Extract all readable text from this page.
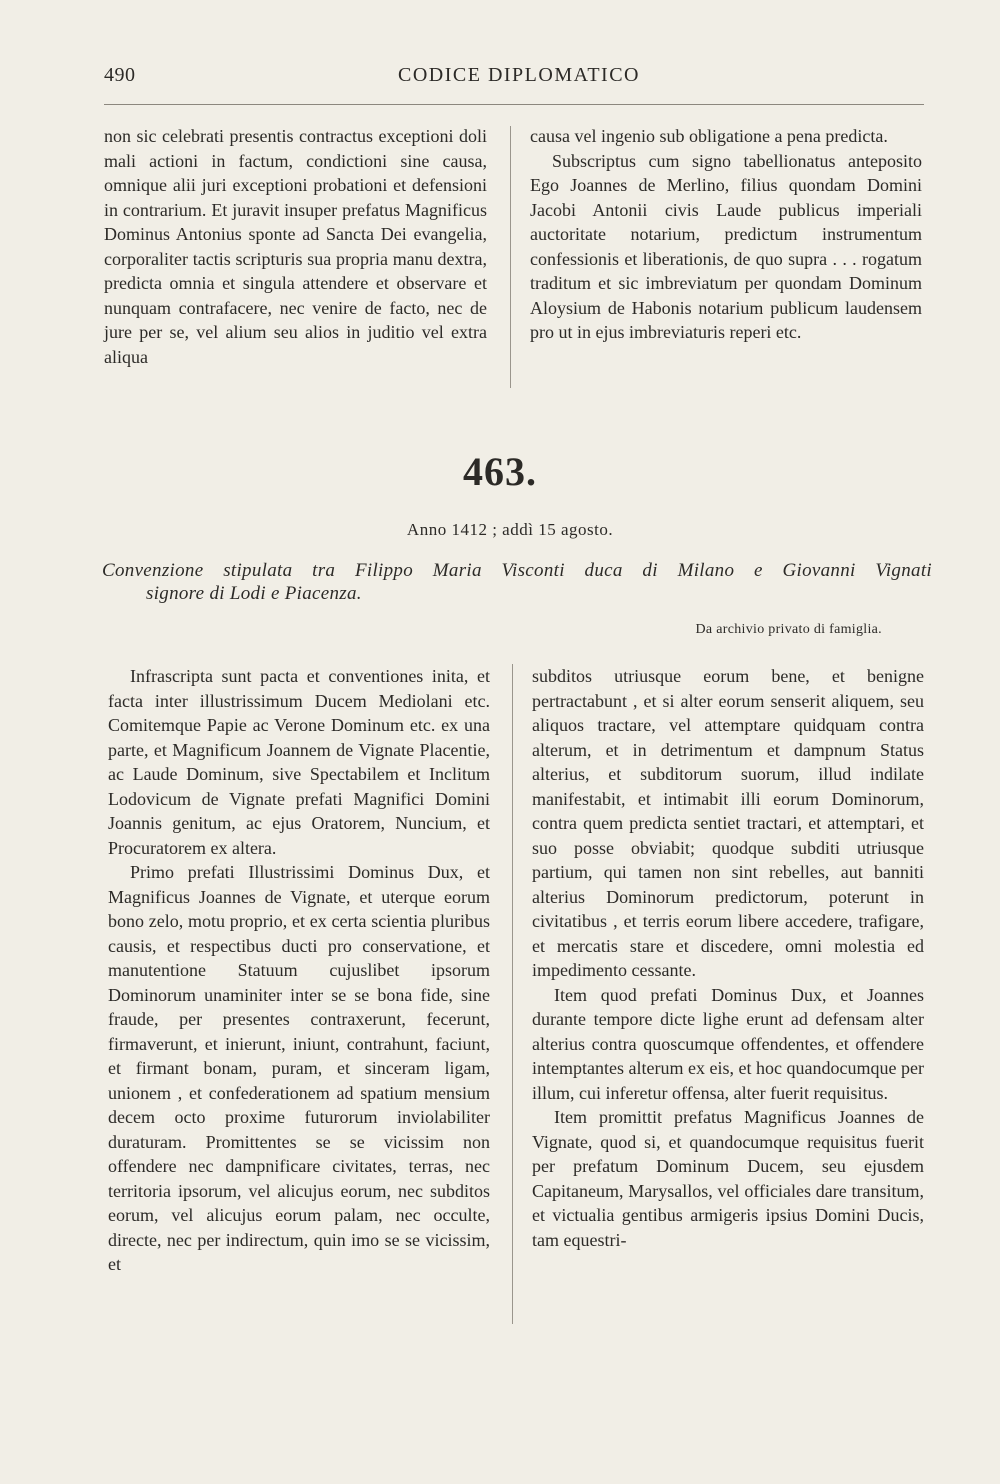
490	CODICE DIPLOMATICO

non sic celebrati presentis contractus exceptioni doli mali actioni in factum, condictioni sine causa, omnique alii juri exceptioni probationi et defensioni in contrarium. Et juravit insuper prefatus Magnificus Dominus Antonius sponte ad Sancta Dei evangelia, corporaliter tactis scripturis sua propria manu dextra, predicta omnia et singula attendere et observare et nunquam contrafacere, nec venire de facto, nec de jure per se, vel alium seu alios in juditio vel extra aliqua

causa vel ingenio sub obligatione a pena predicta.

Subscriptus cum signo tabellionatus anteposito Ego Joannes de Merlino, filius quondam Domini Jacobi Antonii civis Laude publicus imperiali auctoritate notarium, predictum instrumentum confessionis et liberationis, de quo supra . . . rogatum traditum et sic imbreviatum per quondam Dominum Aloysium de Habonis notarium publicum laudensem pro ut in ejus imbreviaturis reperi etc.

463.
Anno 1412 ; addì 15 agosto.
Convenzione stipulata tra Filippo Maria Visconti duca di Milano e Giovanni Vignati
signore di Lodi e Piacenza.
Da archivio privato di famiglia.

Infrascripta sunt pacta et conventiones inita, et facta inter illustrissimum Ducem Mediolani etc. Comitemque Papie ac Verone Dominum etc. ex una parte, et Magnificum Joannem de Vignate Placentie, ac Laude Dominum, sive Spectabilem et Inclitum Lodovicum de Vignate prefati Magnifici Domini Joannis genitum, ac ejus Oratorem, Nuncium, et Procuratorem ex altera.

Primo prefati Illustrissimi Dominus Dux, et Magnificus Joannes de Vignate, et uterque eorum bono zelo, motu proprio, et ex certa scientia pluribus causis, et respectibus ducti pro conservatione, et manutentione Statuum cujuslibet ipsorum Dominorum unaminiter inter se se bona fide, sine fraude, per presentes contraxerunt, fecerunt, firmaverunt, et inierunt, iniunt, contrahunt, faciunt, et firmant bonam, puram, et sinceram ligam, unionem , et confederationem ad spatium mensium decem octo proxime futurorum inviolabiliter duraturam. Promittentes se se vicissim non offendere nec dampnificare civitates, terras, nec territoria ipsorum, vel alicujus eorum, nec subditos eorum, vel alicujus eorum palam, nec occulte, directe, nec per indirectum, quin imo se se vicissim, et

subditos utriusque eorum bene, et benigne pertractabunt , et si alter eorum senserit aliquem, seu aliquos tractare, vel attemptare quidquam contra alterum, et in detrimentum et dampnum Status alterius, et subditorum suorum, illud indilate manifestabit, et intimabit illi eorum Dominorum, contra quem predicta sentiet tractari, et attemptari, et suo posse obviabit; quodque subditi utriusque partium, qui tamen non sint rebelles, aut banniti alterius Dominorum predictorum, poterunt in civitatibus , et terris eorum libere accedere, trafigare, et mercatis stare et discedere, omni molestia ed impedimento cessante.

Item quod prefati Dominus Dux, et Joannes durante tempore dicte lighe erunt ad defensam alter alterius contra quoscumque offendentes, et offendere intemptantes alterum ex eis, et hoc quandocumque per illum, cui inferetur offensa, alter fuerit requisitus.

Item promittit prefatus Magnificus Joannes de Vignate, quod si, et quandocumque requisitus fuerit per prefatum Dominum Ducem, seu ejusdem Capitaneum, Marysallos, vel officiales dare transitum, et victualia gentibus armigeris ipsius Domini Ducis, tam equestri-
